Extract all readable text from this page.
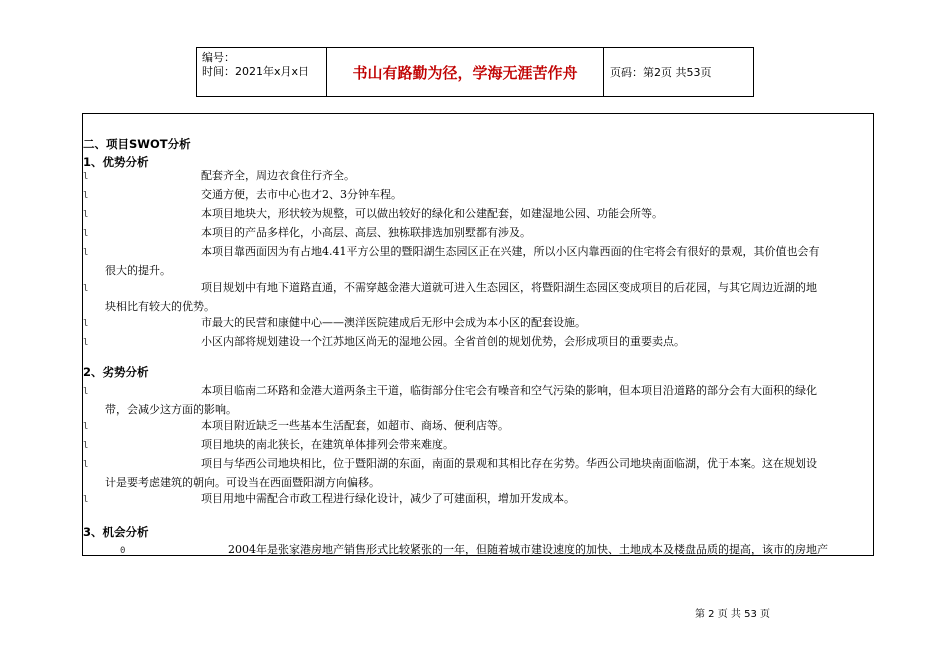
编号：
时间：2021年x月x日	书山有路勤为径，学海无涯苦作舟	页码：第2页 共53页
二、项目SWOT分析
1、优势分析
l	配套齐全，周边衣食住行齐全。
l	交通方便，去市中心也才2、3分钟车程。
l	本项目地块大，形状较为规整，可以做出较好的绿化和公建配套，如建湿地公园、功能会所等。
l	本项目的产品多样化，小高层、高层、独栋联排选加别墅都有涉及。
l	本项目靠西面因为有占地4.41平方公里的暨阳湖生态园区正在兴建，所以小区内靠西面的住宅将会有很好的景观，其价值也会有
很大的提升。
l	项目规划中有地下道路直通，不需穿越金港大道就可进入生态园区，将暨阳湖生态园区变成项目的后花园，与其它周边近湖的地
块相比有较大的优势。
l	市最大的民营和康健中心——澳洋医院建成后无形中会成为本小区的配套设施。
l	小区内部将规划建设一个江苏地区尚无的湿地公园。全省首创的规划优势，会形成项目的重要卖点。
2、劣势分析
l	本项目临南二环路和金港大道两条主干道，临街部分住宅会有噪音和空气污染的影响，但本项目沿道路的部分会有大面积的绿化
带，会减少这方面的影响。
l	本项目附近缺乏一些基本生活配套，如超市、商场、便利店等。
l	项目地块的南北狭长，在建筑单体排列会带来难度。
l	项目与华西公司地块相比，位于暨阳湖的东面，南面的景观和其相比存在劣势。华西公司地块南面临湖，优于本案。这在规划设
计是要考虑建筑的朝向。可设当在西面暨阳湖方向偏移。
l	项目用地中需配合市政工程进行绿化设计，减少了可建面积，增加开发成本。
3、机会分析
0	2004年是张家港房地产销售形式比较紧张的一年，但随着城市建设速度的加快、土地成本及楼盘品质的提高，该市的房地产
第 2 页 共 53 页
